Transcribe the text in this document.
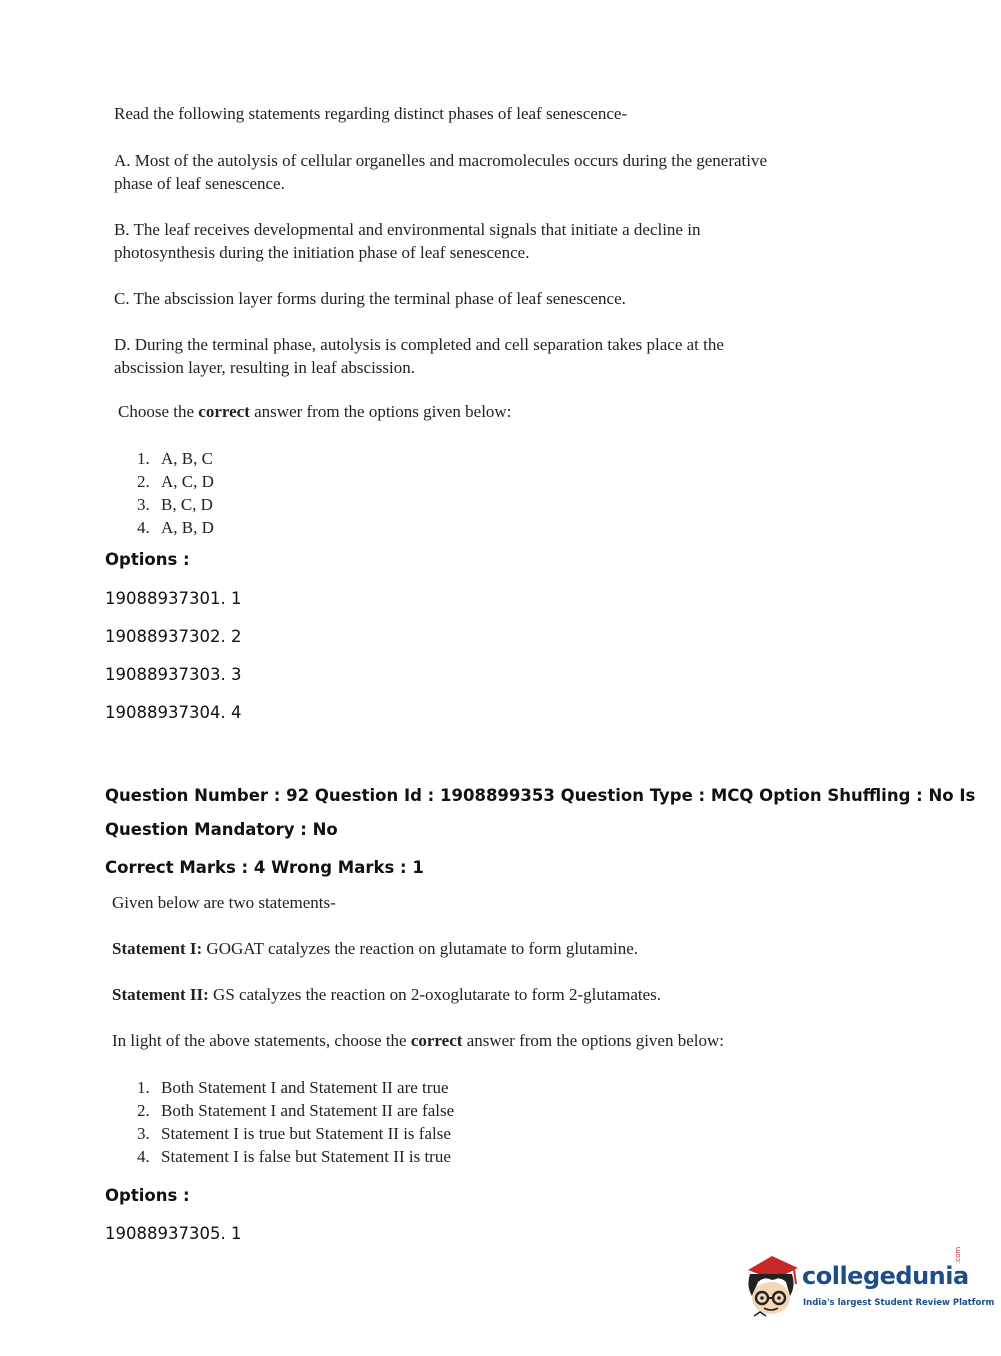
Read the following statements regarding distinct phases of leaf senescence-
A. Most of the autolysis of cellular organelles and macromolecules occurs during the generative
phase of leaf senescence.
B. The leaf receives developmental and environmental signals that initiate a decline in
photosynthesis during the initiation phase of leaf senescence.
C. The abscission layer forms during the terminal phase of leaf senescence.
D. During the terminal phase, autolysis is completed and cell separation takes place at the
abscission layer, resulting in leaf abscission.
Choose the correct answer from the options given below:
1. A, B, C
2. A, C, D
3. B, C, D
4. A, B, D
Options :
19088937301. 1
19088937302. 2
19088937303. 3
19088937304. 4
Question Number : 92 Question Id : 1908899353 Question Type : MCQ Option Shuffling : No Is
Question Mandatory : No
Correct Marks : 4 Wrong Marks : 1
Given below are two statements-
Statement I: GOGAT catalyzes the reaction on glutamate to form glutamine.
Statement II: GS catalyzes the reaction on 2-oxoglutarate to form 2-glutamates.
In light of the above statements, choose the correct answer from the options given below:
1. Both Statement I and Statement II are true
2. Both Statement I and Statement II are false
3. Statement I is true but Statement II is false
4. Statement I is false but Statement II is true
Options :
19088937305. 1
collegedunia
.com
India's largest Student Review Platform
